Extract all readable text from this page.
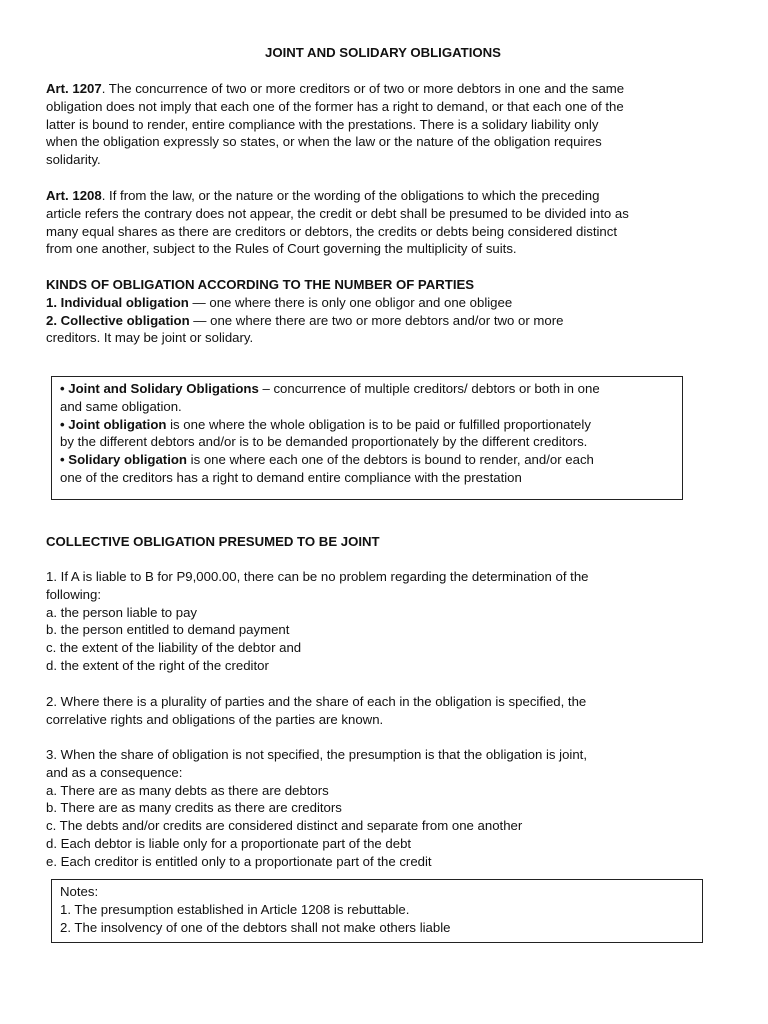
JOINT AND SOLIDARY OBLIGATIONS

Art. 1207. The concurrence of two or more creditors or of two or more debtors in one and the same

obligation does not imply that each one of the former has a right to demand, or that each one of the

latter is bound to render, entire compliance with the prestations. There is a solidary liability only

when the obligation expressly so states, or when the law or the nature of the obligation requires

solidarity.

Art. 1208. If from the law, or the nature or the wording of the obligations to which the preceding

article refers the contrary does not appear, the credit or debt shall be presumed to be divided into as

many equal shares as there are creditors or debtors, the credits or debts being considered distinct

from one another, subject to the Rules of Court governing the multiplicity of suits.

KINDS OF OBLIGATION ACCORDING TO THE NUMBER OF PARTIES

1. Individual obligation — one where there is only one obligor and one obligee

2. Collective obligation — one where there are two or more debtors and/or two or more

creditors. It may be joint or solidary.

• Joint and Solidary Obligations – concurrence of multiple creditors/ debtors or both in one

and same obligation.

• Joint obligation is one where the whole obligation is to be paid or fulfilled proportionately

by the different debtors and/or is to be demanded proportionately by the different creditors.

• Solidary obligation is one where each one of the debtors is bound to render, and/or each

one of the creditors has a right to demand entire compliance with the prestation

COLLECTIVE OBLIGATION PRESUMED TO BE JOINT

1. If A is liable to B for P9,000.00, there can be no problem regarding the determination of the

following:

a. the person liable to pay

b. the person entitled to demand payment

c. the extent of the liability of the debtor and

d. the extent of the right of the creditor

2. Where there is a plurality of parties and the share of each in the obligation is specified, the

correlative rights and obligations of the parties are known.

3. When the share of obligation is not specified, the presumption is that the obligation is joint,

and as a consequence:

a. There are as many debts as there are debtors

b. There are as many credits as there are creditors

c. The debts and/or credits are considered distinct and separate from one another

d. Each debtor is liable only for a proportionate part of the debt

e. Each creditor is entitled only to a proportionate part of the credit

Notes:

1. The presumption established in Article 1208 is rebuttable.

2. The insolvency of one of the debtors shall not make others liable
